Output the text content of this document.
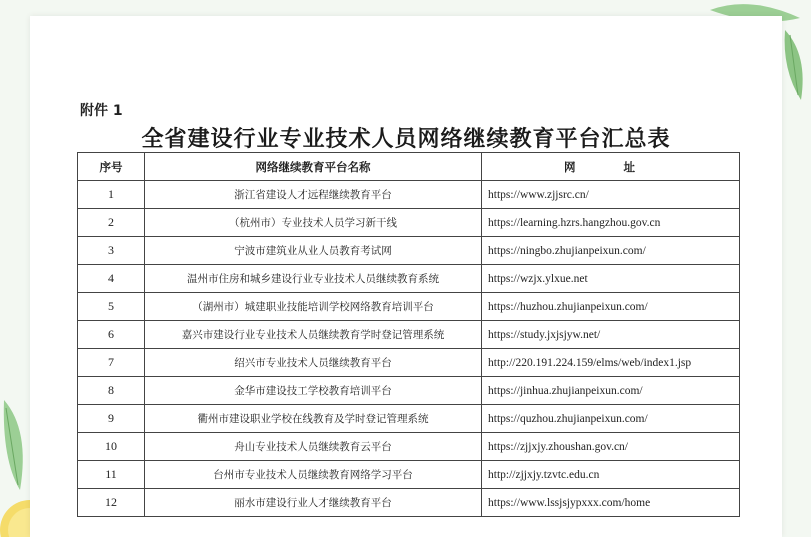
附件 1
全省建设行业专业技术人员网络继续教育平台汇总表
序号	网络继续教育平台名称	网 址
1	浙江省建设人才远程继续教育平台	https://www.zjjsrc.cn/
2	（杭州市）专业技术人员学习新干线	https://learning.hzrs.hangzhou.gov.cn
3	宁波市建筑业从业人员教育考试网	https://ningbo.zhujianpeixun.com/
4	温州市住房和城乡建设行业专业技术人员继续教育系统	https://wzjx.ylxue.net
5	（湖州市）城建职业技能培训学校网络教育培训平台	https://huzhou.zhujianpeixun.com/
6	嘉兴市建设行业专业技术人员继续教育学时登记管理系统	https://study.jxjsjyw.net/
7	绍兴市专业技术人员继续教育平台	http://220.191.224.159/elms/web/index1.jsp
8	金华市建设技工学校教育培训平台	https://jinhua.zhujianpeixun.com/
9	衢州市建设职业学校在线教育及学时登记管理系统	https://quzhou.zhujianpeixun.com/
10	舟山专业技术人员继续教育云平台	https://zjjxjy.zhoushan.gov.cn/
11	台州市专业技术人员继续教育网络学习平台	http://zjjxjy.tzvtc.edu.cn
12	丽水市建设行业人才继续教育平台	https://www.lssjsjypxxx.com/home
